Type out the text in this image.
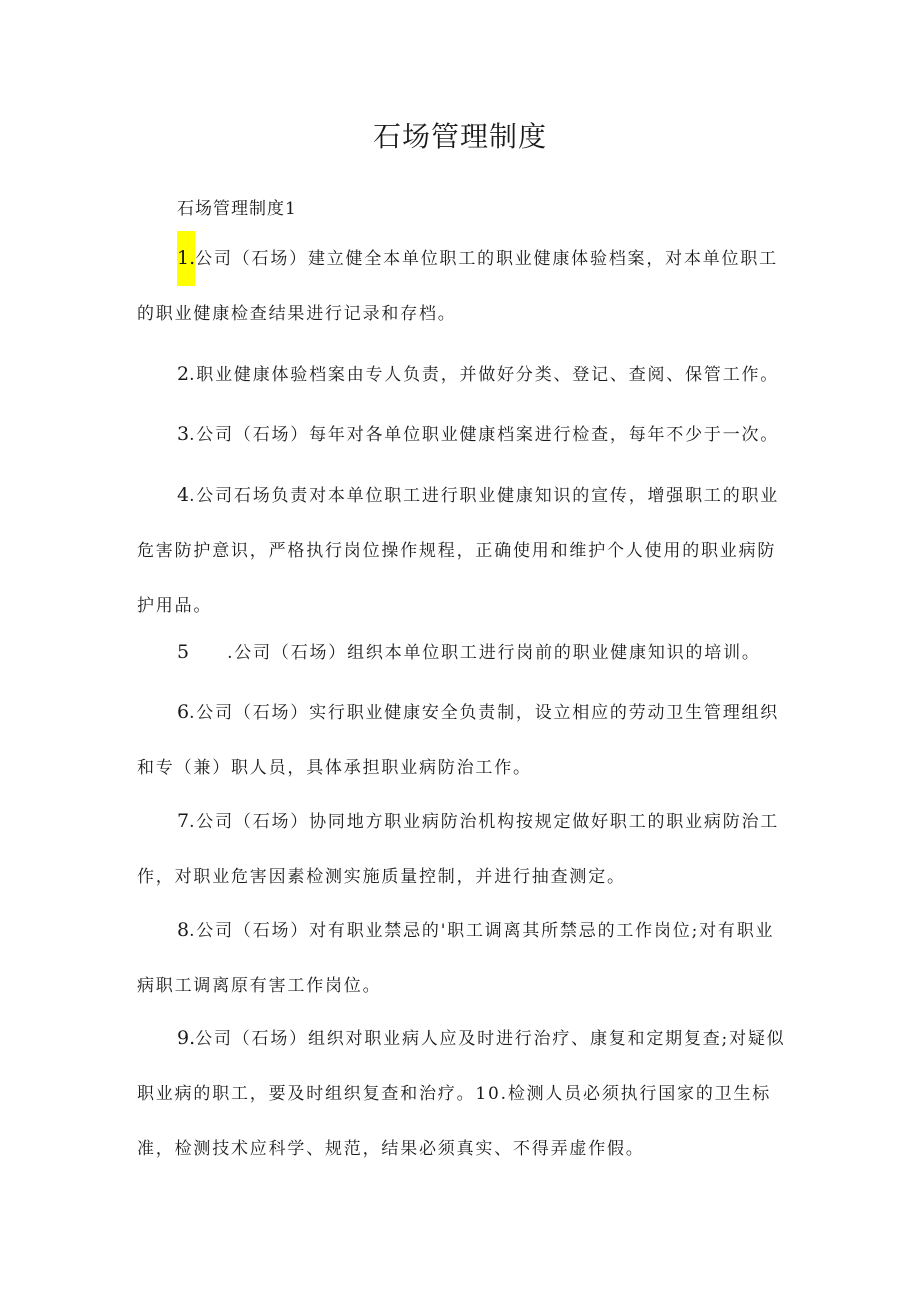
石场管理制度
石场管理制度1
1.公司（石场）建立健全本单位职工的职业健康体验档案，对本单位职工的职业健康检查结果进行记录和存档。
2.职业健康体验档案由专人负责，并做好分类、登记、查阅、保管工作。
3.公司（石场）每年对各单位职业健康档案进行检查，每年不少于一次。
4.公司石场负责对本单位职工进行职业健康知识的宣传，增强职工的职业危害防护意识，严格执行岗位操作规程，正确使用和维护个人使用的职业病防护用品。
5 .公司（石场）组织本单位职工进行岗前的职业健康知识的培训。
6.公司（石场）实行职业健康安全负责制，设立相应的劳动卫生管理组织和专（兼）职人员，具体承担职业病防治工作。
7.公司（石场）协同地方职业病防治机构按规定做好职工的职业病防治工作，对职业危害因素检测实施质量控制，并进行抽查测定。
8.公司（石场）对有职业禁忌的'职工调离其所禁忌的工作岗位;对有职业病职工调离原有害工作岗位。
9.公司（石场）组织对职业病人应及时进行治疗、康复和定期复查;对疑似职业病的职工，要及时组织复查和治疗。10.检测人员必须执行国家的卫生标准，检测技术应科学、规范，结果必须真实、不得弄虚作假。
